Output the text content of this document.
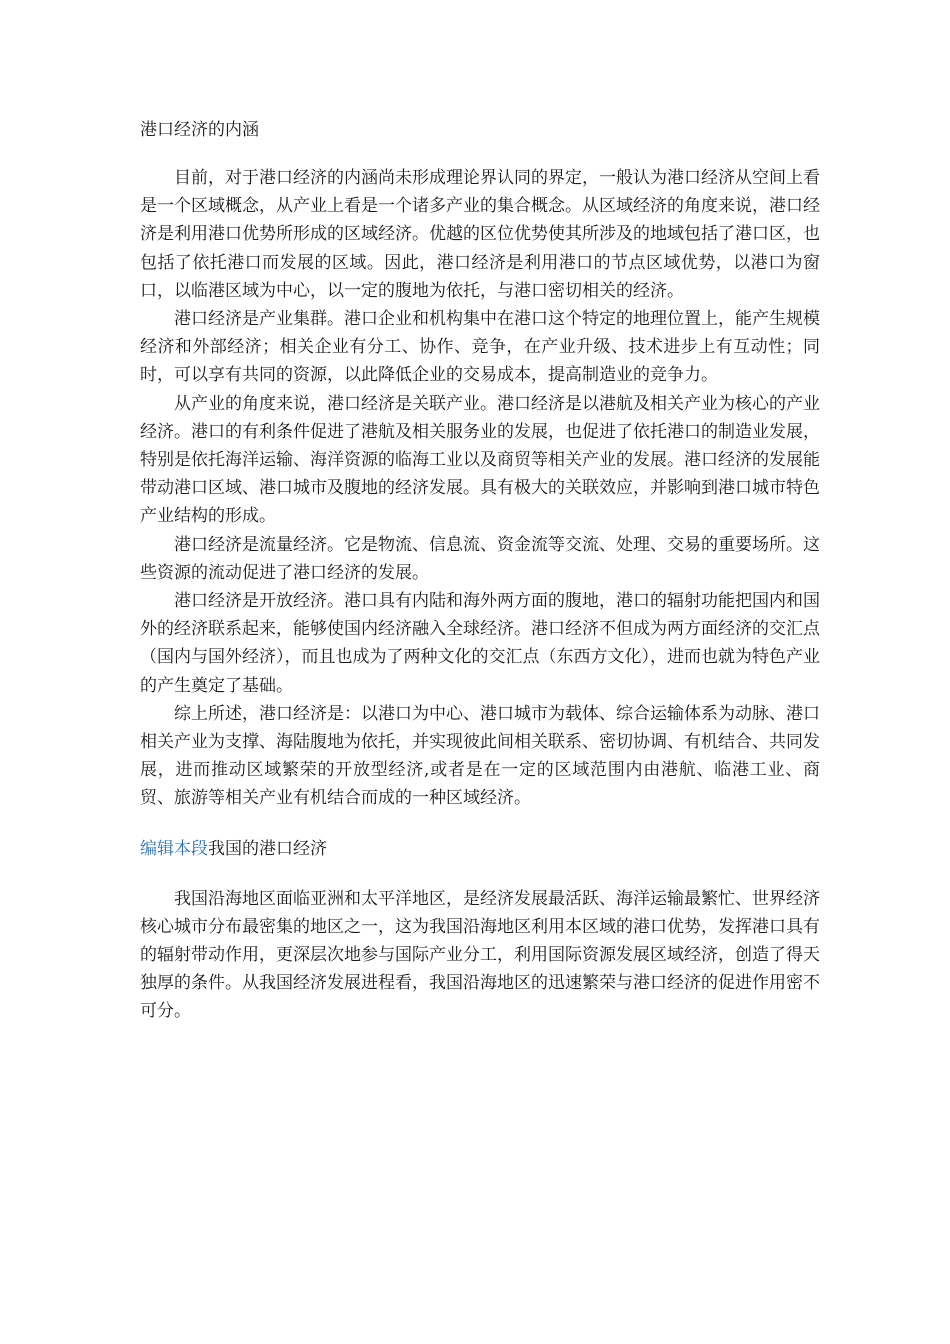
港口经济的内涵

目前，对于港口经济的内涵尚未形成理论界认同的界定，一般认为港口经济从空间上看是一个区域概念，从产业上看是一个诸多产业的集合概念。从区域经济的角度来说，港口经济是利用港口优势所形成的区域经济。优越的区位优势使其所涉及的地域包括了港口区，也包括了依托港口而发展的区域。因此，港口经济是利用港口的节点区域优势，以港口为窗口，以临港区域为中心，以一定的腹地为依托，与港口密切相关的经济。

港口经济是产业集群。港口企业和机构集中在港口这个特定的地理位置上，能产生规模经济和外部经济；相关企业有分工、协作、竞争，在产业升级、技术进步上有互动性；同时，可以享有共同的资源，以此降低企业的交易成本，提高制造业的竞争力。

从产业的角度来说，港口经济是关联产业。港口经济是以港航及相关产业为核心的产业经济。港口的有利条件促进了港航及相关服务业的发展，也促进了依托港口的制造业发展，特别是依托海洋运输、海洋资源的临海工业以及商贸等相关产业的发展。港口经济的发展能带动港口区域、港口城市及腹地的经济发展。具有极大的关联效应，并影响到港口城市特色产业结构的形成。

港口经济是流量经济。它是物流、信息流、资金流等交流、处理、交易的重要场所。这些资源的流动促进了港口经济的发展。

港口经济是开放经济。港口具有内陆和海外两方面的腹地，港口的辐射功能把国内和国外的经济联系起来，能够使国内经济融入全球经济。港口经济不但成为两方面经济的交汇点（国内与国外经济），而且也成为了两种文化的交汇点（东西方文化），进而也就为特色产业的产生奠定了基础。

综上所述，港口经济是：以港口为中心、港口城市为载体、综合运输体系为动脉、港口相关产业为支撑、海陆腹地为依托，并实现彼此间相关联系、密切协调、有机结合、共同发展，进而推动区域繁荣的开放型经济,或者是在一定的区域范围内由港航、临港工业、商贸、旅游等相关产业有机结合而成的一种区域经济。

编辑本段我国的港口经济

我国沿海地区面临亚洲和太平洋地区，是经济发展最活跃、海洋运输最繁忙、世界经济核心城市分布最密集的地区之一，这为我国沿海地区利用本区域的港口优势，发挥港口具有的辐射带动作用，更深层次地参与国际产业分工，利用国际资源发展区域经济，创造了得天独厚的条件。从我国经济发展进程看，我国沿海地区的迅速繁荣与港口经济的促进作用密不可分。
